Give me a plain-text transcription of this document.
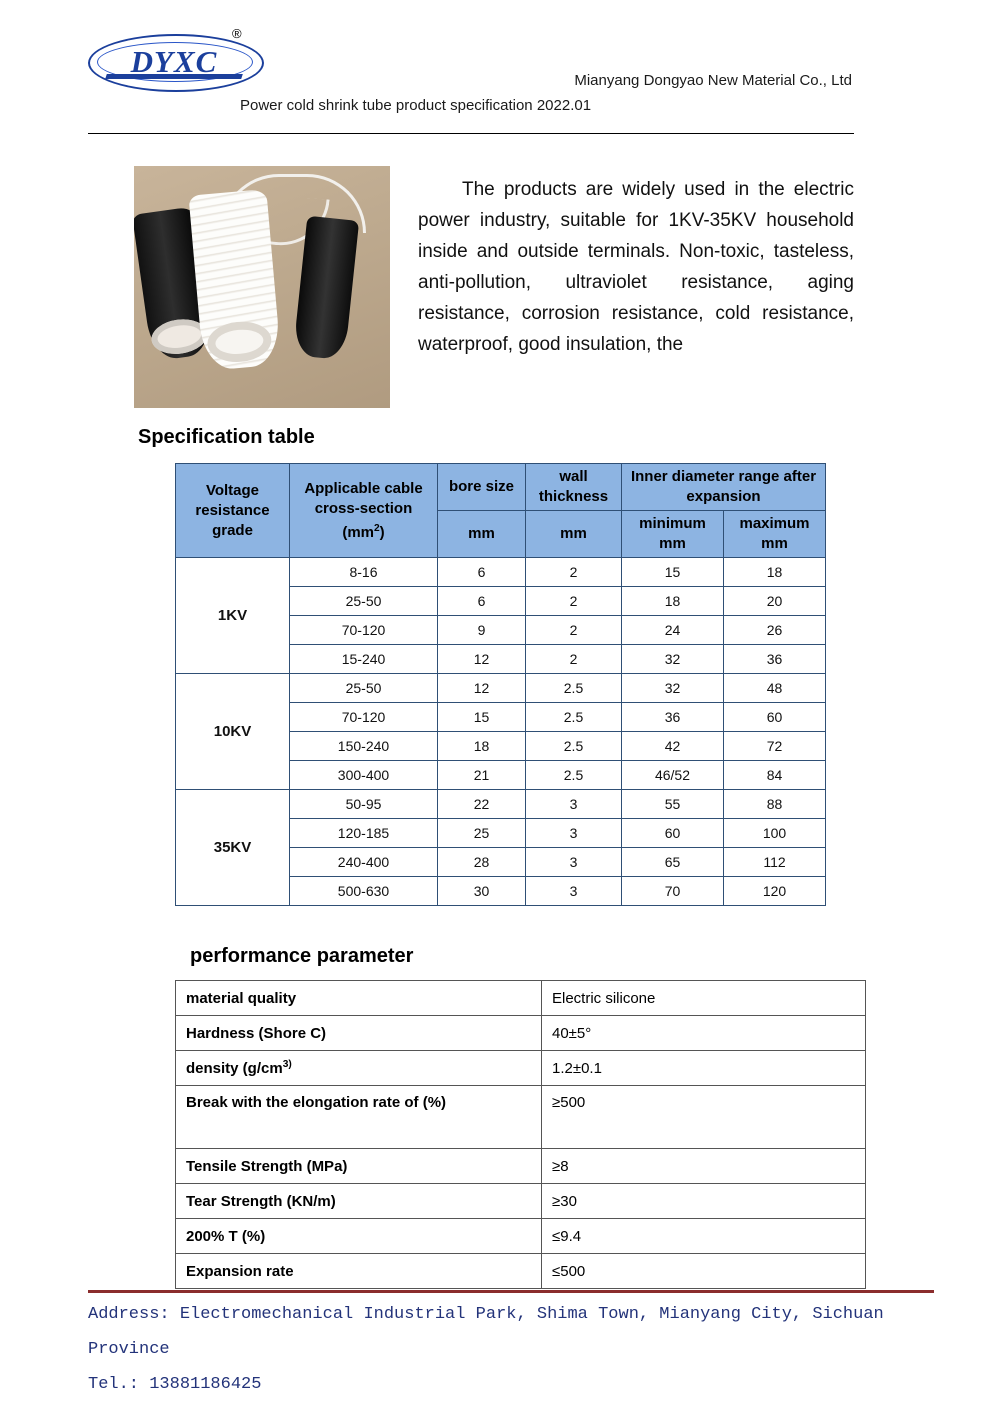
DYXC
®
Mianyang Dongyao New Material Co., Ltd
Power cold shrink tube product specification 2022.01
The products are widely used in the electric power industry, suitable for 1KV-35KV household inside and outside terminals. Non-toxic, tasteless, anti-pollution, ultraviolet resistance, aging resistance, corrosion resistance, cold resistance, waterproof, good insulation, the
Specification table
Voltage resistance grade	Applicable cable cross-section $(mm^2)$	bore size	wall thickness	Inner diameter range after expansion	
		mm	mm	minimum mm	maximum mm
1KV	8-16	6	2	15	18
	25-50	6	2	18	20
	70-120	9	2	24	26
	15-240	12	2	32	36
10KV	25-50	12	2.5	32	48
	70-120	15	2.5	36	60
	150-240	18	2.5	42	72
	300-400	21	2.5	46/52	84
35KV	50-95	22	3	55	88
	120-185	25	3	60	100
	240-400	28	3	65	112
	500-630	30	3	70	120
performance parameter
material quality	Electric silicone
Hardness (Shore C)	40±5°
density ($g/cm^{3)}$	1.2±0.1
Break with the elongation rate of (%)	≥500
Tensile Strength (MPa)	≥8
Tear Strength (KN/m)	≥30
200% T (%)	≤9.4
Expansion rate	≤500
Address: Electromechanical Industrial Park, Shima Town, Mianyang City, Sichuan
Province
Tel.: 13881186425
